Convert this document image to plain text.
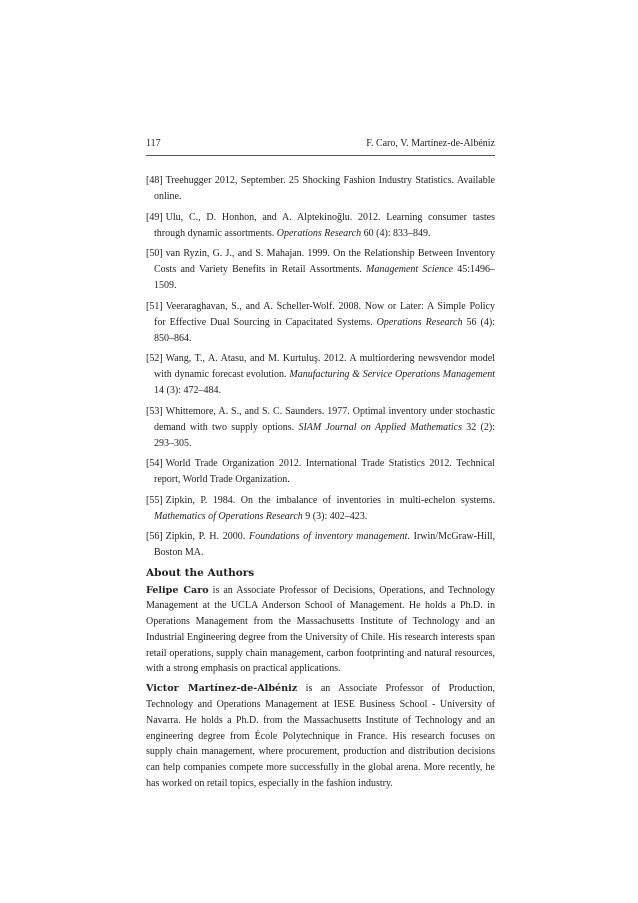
117	F. Caro, V. Martínez-de-Albéniz
[48] Treehugger 2012, September. 25 Shocking Fashion Industry Statistics. Available online.
[49] Ulu, C., D. Honhon, and A. Alptekinoğlu. 2012. Learning consumer tastes through dynamic assortments. Operations Research 60 (4): 833–849.
[50] van Ryzin, G. J., and S. Mahajan. 1999. On the Relationship Between Inventory Costs and Variety Benefits in Retail Assortments. Management Science 45:1496–1509.
[51] Veeraraghavan, S., and A. Scheller-Wolf. 2008. Now or Later: A Simple Policy for Effective Dual Sourcing in Capacitated Systems. Operations Research 56 (4): 850–864.
[52] Wang, T., A. Atasu, and M. Kurtuluş. 2012. A multiordering newsvendor model with dynamic forecast evolution. Manufacturing & Service Operations Management 14 (3): 472–484.
[53] Whittemore, A. S., and S. C. Saunders. 1977. Optimal inventory under stochastic demand with two supply options. SIAM Journal on Applied Mathematics 32 (2): 293–305.
[54] World Trade Organization 2012. International Trade Statistics 2012. Technical report, World Trade Organization.
[55] Zipkin, P. 1984. On the imbalance of inventories in multi-echelon systems. Mathematics of Operations Research 9 (3): 402–423.
[56] Zipkin, P. H. 2000. Foundations of inventory management. Irwin/McGraw-Hill, Boston MA.
About the Authors

Felipe Caro is an Associate Professor of Decisions, Operations, and Technology Management at the UCLA Anderson School of Management. He holds a Ph.D. in Operations Management from the Massachusetts Institute of Technology and an Industrial Engineering degree from the University of Chile. His research interests span retail operations, supply chain management, carbon footprinting and natural resources, with a strong emphasis on practical applications.

Victor Martínez-de-Albéniz is an Associate Professor of Production, Technology and Operations Management at IESE Business School - University of Navarra. He holds a Ph.D. from the Massachusetts Institute of Technology and an engineering degree from École Polytechnique in France. His research focuses on supply chain management, where procurement, production and distribution decisions can help companies compete more successfully in the global arena. More recently, he has worked on retail topics, especially in the fashion industry.
